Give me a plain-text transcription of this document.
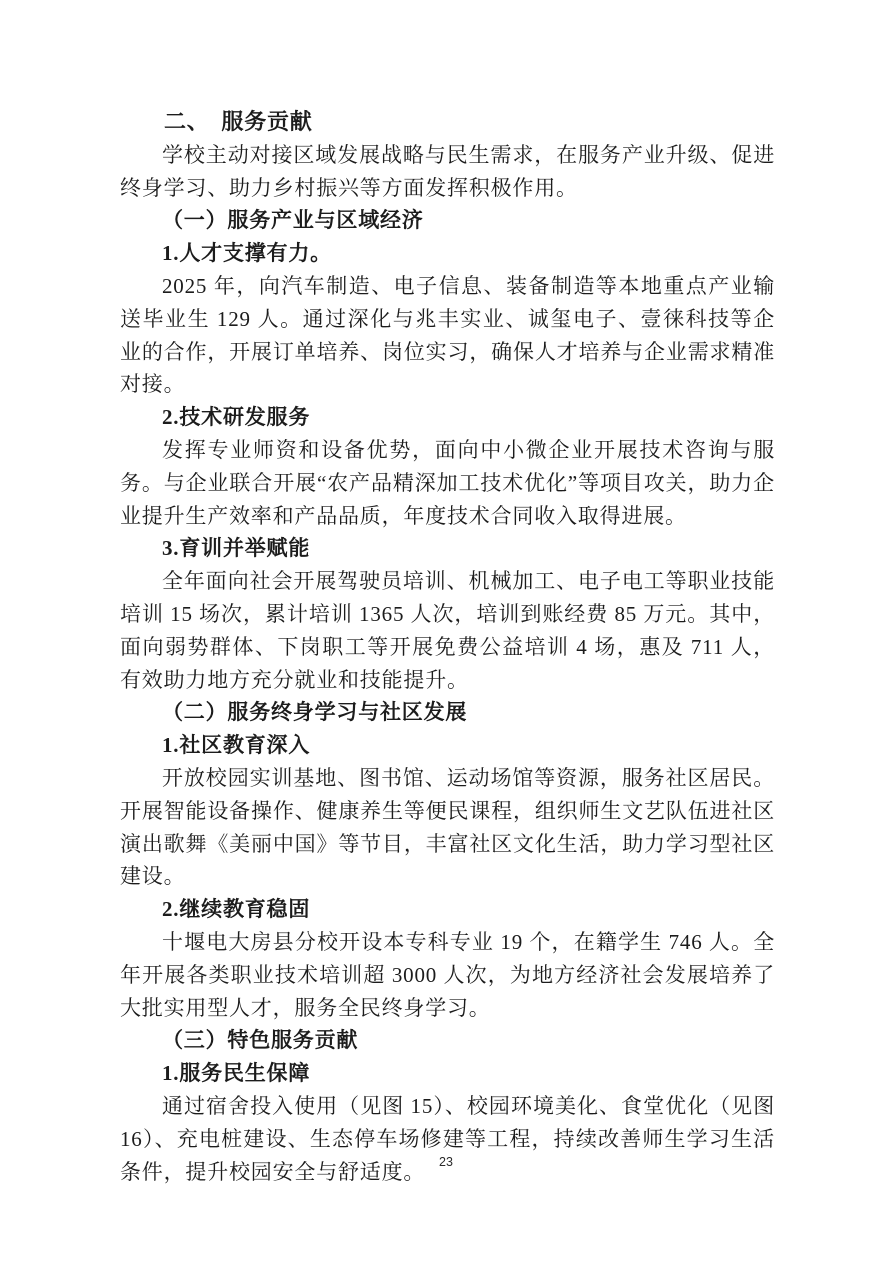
二、　服务贡献

学校主动对接区域发展战略与民生需求，在服务产业升级、促进终身学习、助力乡村振兴等方面发挥积极作用。

（一）服务产业与区域经济

1.人才支撑有力。

2025 年，向汽车制造、电子信息、装备制造等本地重点产业输送毕业生 129 人。通过深化与兆丰实业、诚玺电子、壹徕科技等企业的合作，开展订单培养、岗位实习，确保人才培养与企业需求精准对接。

2.技术研发服务

发挥专业师资和设备优势，面向中小微企业开展技术咨询与服务。与企业联合开展“农产品精深加工技术优化”等项目攻关，助力企业提升生产效率和产品品质，年度技术合同收入取得进展。

3.育训并举赋能

全年面向社会开展驾驶员培训、机械加工、电子电工等职业技能培训 15 场次，累计培训 1365 人次，培训到账经费 85 万元。其中，面向弱势群体、下岗职工等开展免费公益培训 4 场，惠及 711 人，有效助力地方充分就业和技能提升。

（二）服务终身学习与社区发展

1.社区教育深入

开放校园实训基地、图书馆、运动场馆等资源，服务社区居民。开展智能设备操作、健康养生等便民课程，组织师生文艺队伍进社区演出歌舞《美丽中国》等节目，丰富社区文化生活，助力学习型社区建设。

2.继续教育稳固

十堰电大房县分校开设本专科专业 19 个，在籍学生 746 人。全年开展各类职业技术培训超 3000 人次，为地方经济社会发展培养了大批实用型人才，服务全民终身学习。

（三）特色服务贡献

1.服务民生保障

通过宿舍投入使用（见图 15）、校园环境美化、食堂优化（见图 16）、充电桩建设、生态停车场修建等工程，持续改善师生学习生活条件，提升校园安全与舒适度。	23
